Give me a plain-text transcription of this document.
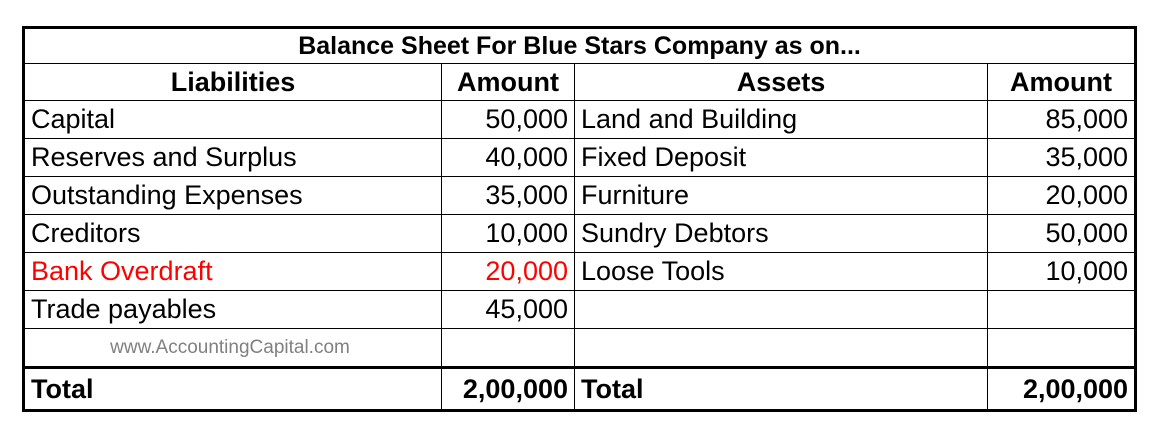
Balance Sheet For Blue Stars Company as on...			
Liabilities	Amount	Assets	Amount
Capital	50,000	Land and Building	85,000
Reserves and Surplus	40,000	Fixed Deposit	35,000
Outstanding Expenses	35,000	Furniture	20,000
Creditors	10,000	Sundry Debtors	50,000
Bank Overdraft	20,000	Loose Tools	10,000
Trade payables	45,000		
www.AccountingCapital.com			
Total	2,00,000	Total	2,00,000
